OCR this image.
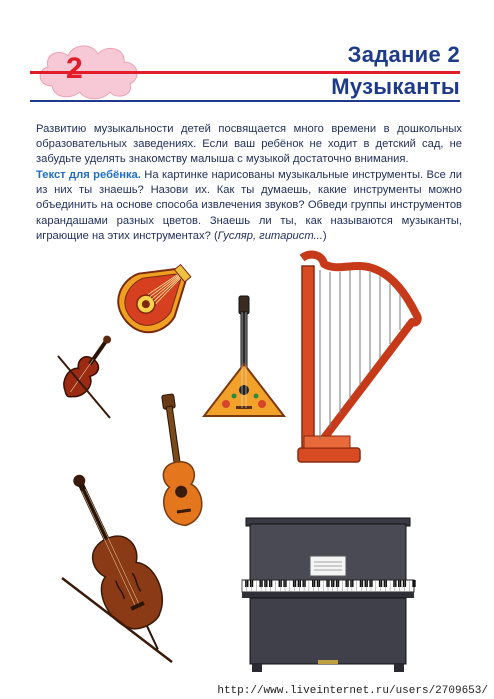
2	Задание 2
Музыканты
Развитию музыкальности детей посвящается много времени в дошкольных образовательных заведениях. Если ваш ребёнок не ходит в детский сад, не забудьте уделять знакомству малыша с музыкой достаточно внимания.
Текст для ребёнка. На картинке нарисованы музыкальные инструменты. Все ли из них ты знаешь? Назови их. Как ты думаешь, какие инструменты можно объединить на основе способа извлечения звуков? Обведи группы инструментов карандашами разных цветов. Знаешь ли ты, как называются музыканты, играющие на этих инструментах? (Гусляр, гитарист...)
http://www.liveinternet.ru/users/2709653/
